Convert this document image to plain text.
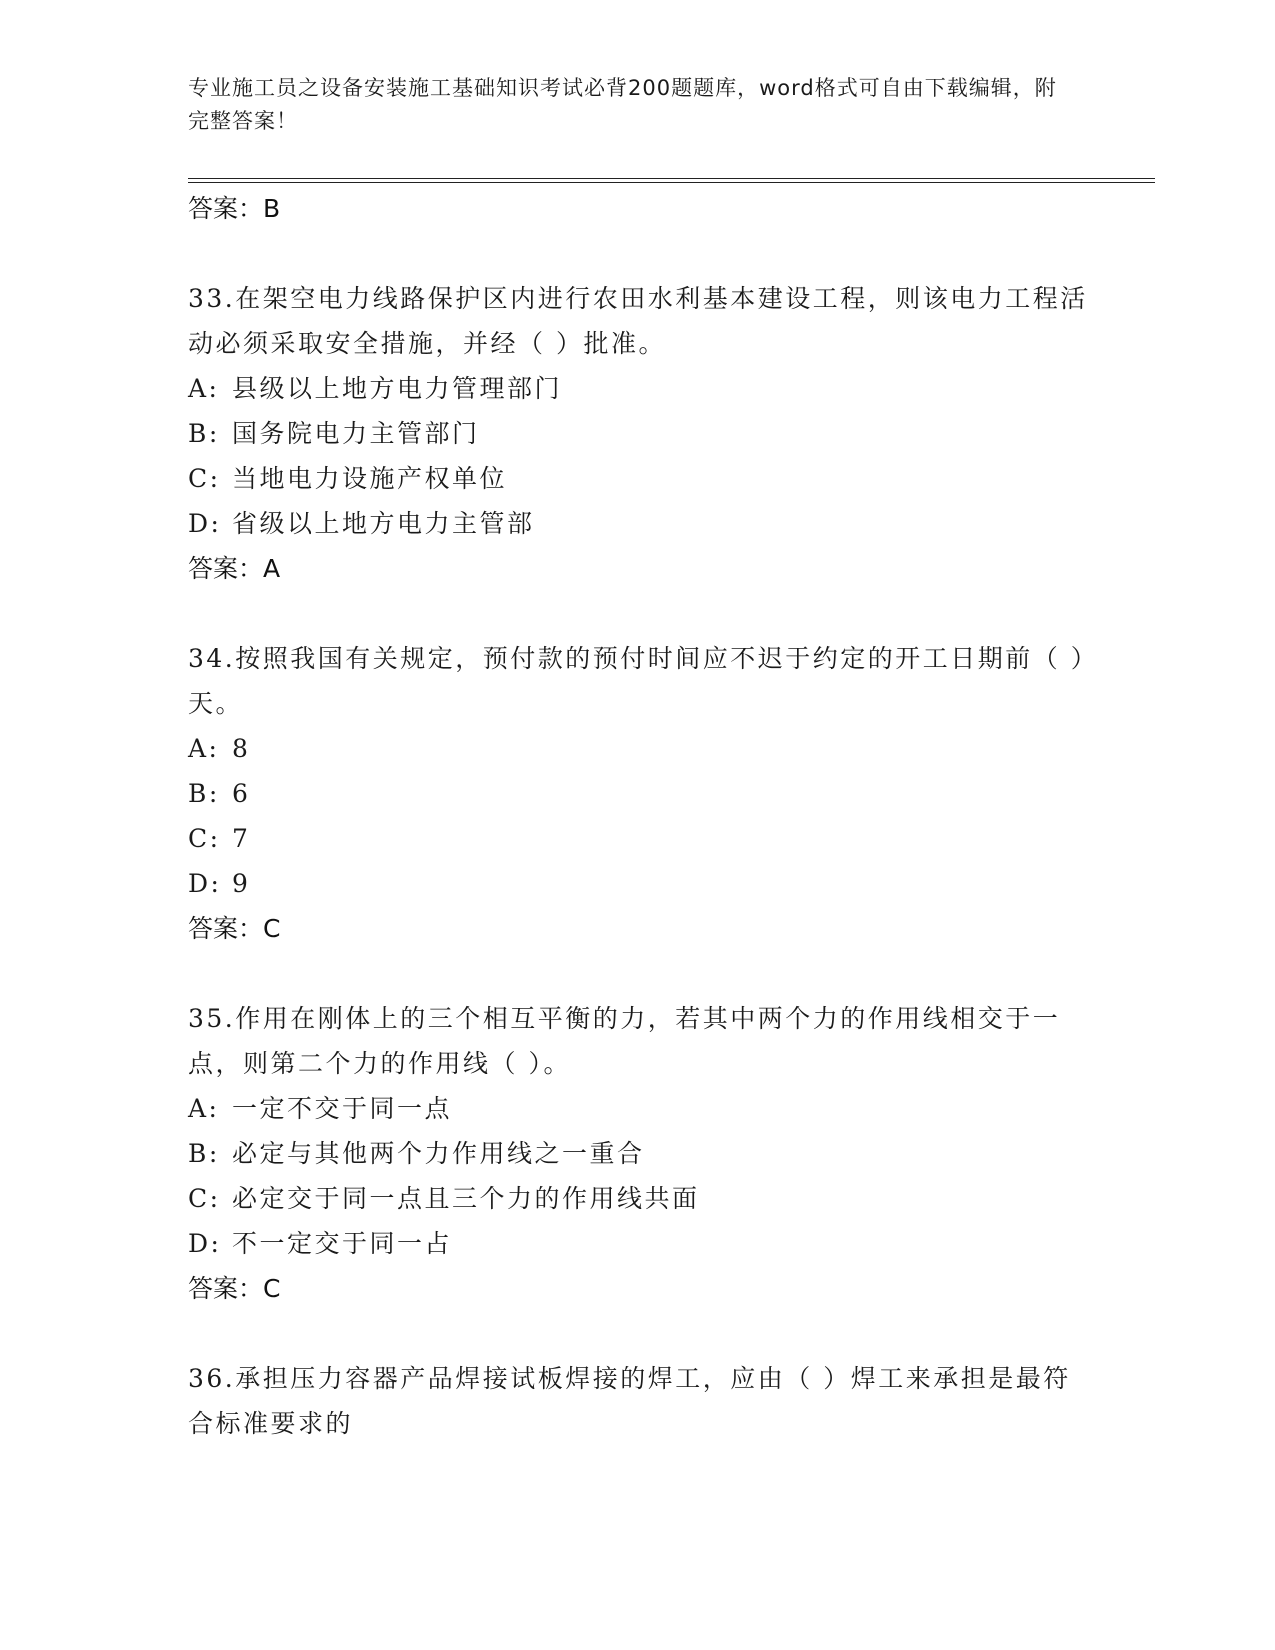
专业施工员之设备安装施工基础知识考试必背200题题库，word格式可自由下载编辑，附完整答案！
答案：B
33.在架空电力线路保护区内进行农田水利基本建设工程，则该电力工程活动必须采取安全措施，并经（ ）批准。
A: 县级以上地方电力管理部门
B: 国务院电力主管部门
C: 当地电力设施产权单位
D: 省级以上地方电力主管部
答案：A
34.按照我国有关规定，预付款的预付时间应不迟于约定的开工日期前（ ）天。
A: 8
B: 6
C: 7
D: 9
答案：C
35.作用在刚体上的三个相互平衡的力，若其中两个力的作用线相交于一点，则第二个力的作用线（ ）。
A: 一定不交于同一点
B: 必定与其他两个力作用线之一重合
C: 必定交于同一点且三个力的作用线共面
D: 不一定交于同一占
答案：C
36.承担压力容器产品焊接试板焊接的焊工，应由（ ）焊工来承担是最符合标准要求的
